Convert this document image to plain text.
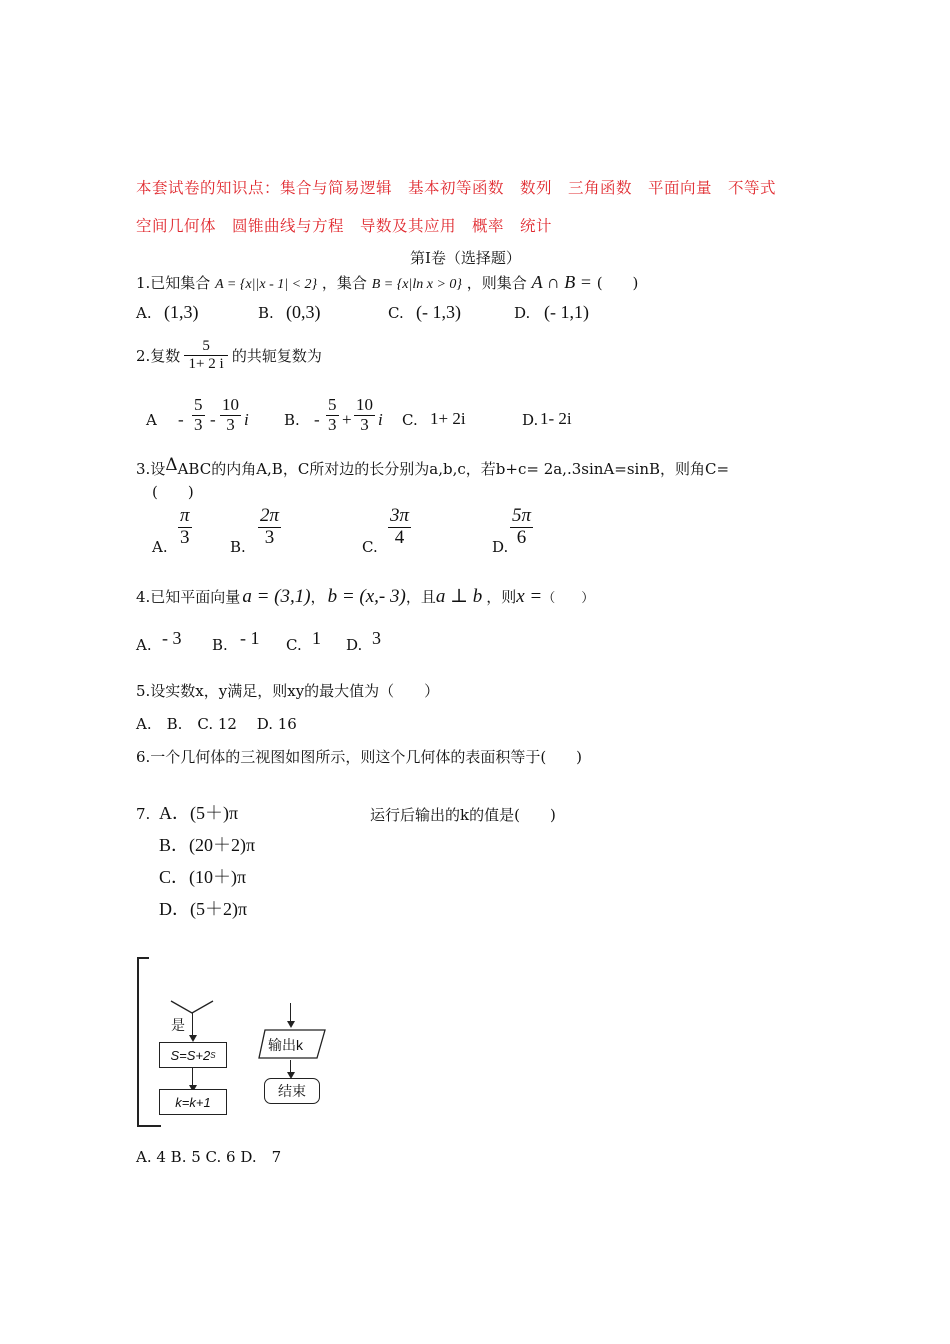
本套试卷的知识点：集合与简易逻辑　基本初等函数　数列　三角函数　平面向量　不等式
空间几何体　圆锥曲线与方程　导数及其应用　概率　统计
第Ⅰ卷（选择题）
1.已知集合 A = {x||x - 1| < 2} ，集合 B = {x|ln x > 0} ，则集合 A ∩ B = (　　)
A. (1,3)	B. (0,3)	C. (- 1,3)	D. (- 1,1)
2.复数 $\frac{5}{1+ 2 i}$ 的共轭复数为
A - $\frac{5}{3} - \frac{10}{3}$ i B. - $\frac{5}{3} + \frac{10}{3}$ i C. 1+ 2i	D. 1- 2i
3.设ΔABC的内角A,B，C所对边的长分别为a,b,c，若b+c= 2a,.3sinA=sinB，则角C=
(　　)
A. $\frac{\pi}{3}$	B. $\frac{2\pi}{3}$	C. $\frac{3\pi}{4}$	D. $\frac{5\pi}{6}$
4.已知平面向量 a = (3,1) ， b = (x,- 3) ，且 a ⊥ b ，则 x = （　　）
A. - 3 B. - 1 C. 1 D. 3
5.设实数x，y满足，则xy的最大值为（　　）
A.　B.　C. 12　 D. 16
6.一个几何体的三视图如图所示，则这个几何体的表面积等于(　　)
7. A．(5＋)π
B．(20＋2)π
C．(10＋)π
D．(5＋2)π
运行后输出的k的值是(　　)
是
S=S+2 S
k=k+1
输出k
结束
A. 4 B. 5 C. 6 D.　7
